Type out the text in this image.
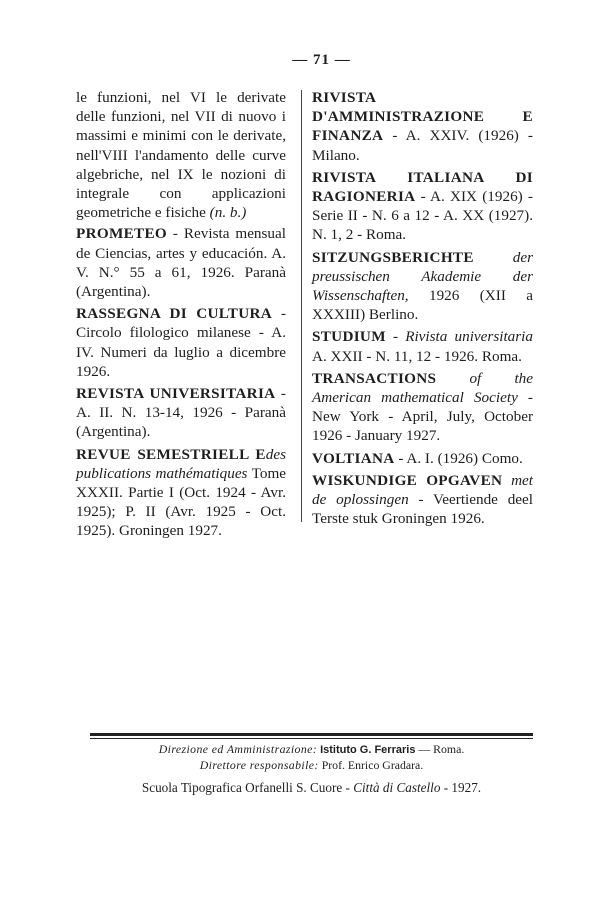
— 71 —

le funzioni, nel VI le derivate delle funzioni, nel VII di nuovo i massimi e minimi con le derivate, nell'VIII l'andamento delle curve algebriche, nel IX le nozioni di integrale con applicazioni geometriche e fisiche (n. b.)

PROMETEO - Revista mensual de Ciencias, artes y educación. A. V. N.° 55 a 61, 1926. Paranà (Argentina).

RASSEGNA DI CULTURA - Circolo filologico milanese - A. IV. Numeri da luglio a dicembre 1926.

REVISTA UNIVERSITARIA - A. II. N. 13-14, 1926 - Paranà (Argentina).

REVUE SEMESTRIELL Edes publications mathématiques Tome XXXII. Partie I (Oct. 1924 - Avr. 1925); P. II (Avr. 1925 - Oct. 1925). Groningen 1927.

RIVISTA D'AMMINISTRAZIONE E FINANZA - A. XXIV. (1926) - Milano.

RIVISTA ITALIANA DI RAGIONERIA - A. XIX (1926) - Serie II - N. 6 a 12 - A. XX (1927). N. 1, 2 - Roma.

SITZUNGSBERICHTE der preussischen Akademie der Wissenschaften, 1926 (XII a XXXIII) Berlino.

STUDIUM - Rivista universitaria A. XXII - N. 11, 12 - 1926. Roma.

TRANSACTIONS of the American mathematical Society - New York - April, July, October 1926 - January 1927.

VOLTIANA - A. I. (1926) Como.

WISKUNDIGE OPGAVEN met de oplossingen - Veertiende deel Terste stuk Groningen 1926.

Direzione ed Amministrazione: Istituto G. Ferraris — Roma.
Direttore responsabile: Prof. Enrico Gradara.
Scuola Tipografica Orfanelli S. Cuore - Città di Castello - 1927.
